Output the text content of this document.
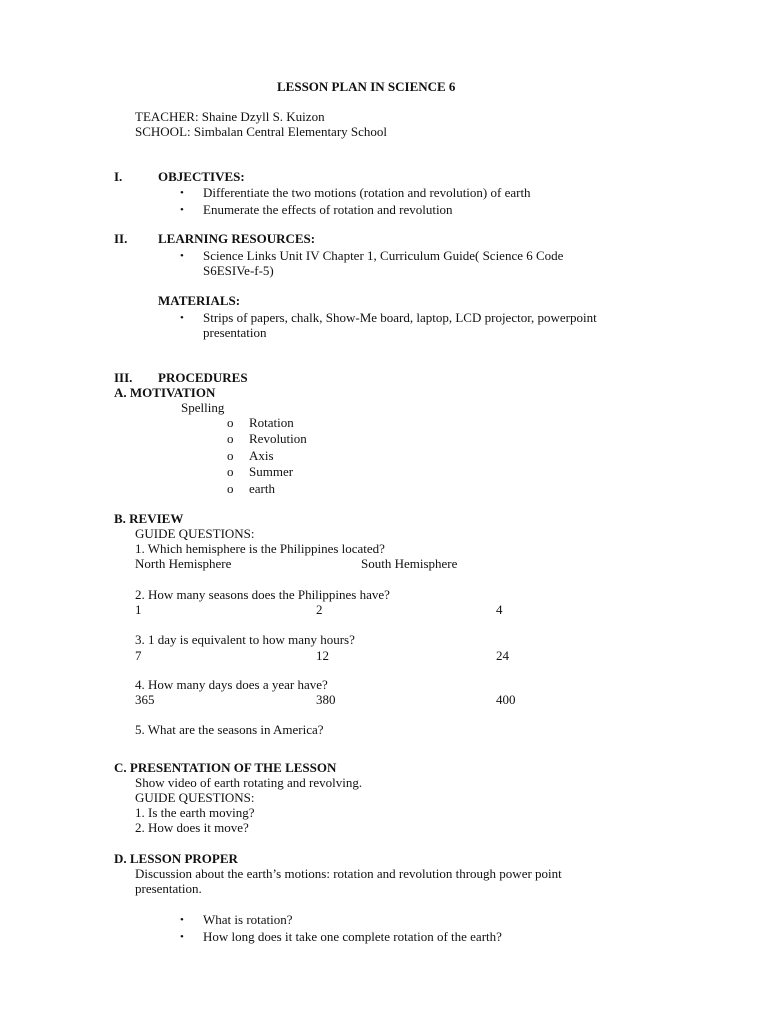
LESSON PLAN IN SCIENCE 6
TEACHER: Shaine Dzyll S. Kuizon
SCHOOL: Simbalan Central Elementary School
I.	OBJECTIVES:
• Differentiate the two motions (rotation and revolution) of earth
• Enumerate the effects of rotation and revolution
II. LEARNING RESOURCES:
• Science Links Unit IV Chapter 1, Curriculum Guide( Science 6 Code
S6ESIVe-f-5)
MATERIALS:
• Strips of papers, chalk, Show-Me board, laptop, LCD projector, powerpoint
presentation
III. PROCEDURES
A. MOTIVATION
Spelling
o Rotation
o Revolution
o Axis
o Summer
o earth
B. REVIEW
GUIDE QUESTIONS:
1. Which hemisphere is the Philippines located?
North Hemisphere	South Hemisphere
2. How many seasons does the Philippines have?
1	2	4
3. 1 day is equivalent to how many hours?
7	12	24
4. How many days does a year have?
365	380	400
5. What are the seasons in America?
C. PRESENTATION OF THE LESSON
Show video of earth rotating and revolving.
GUIDE QUESTIONS:
1. Is the earth moving?
2. How does it move?
D. LESSON PROPER
Discussion about the earth’s motions: rotation and revolution through power point
presentation.
• What is rotation?
• How long does it take one complete rotation of the earth?
